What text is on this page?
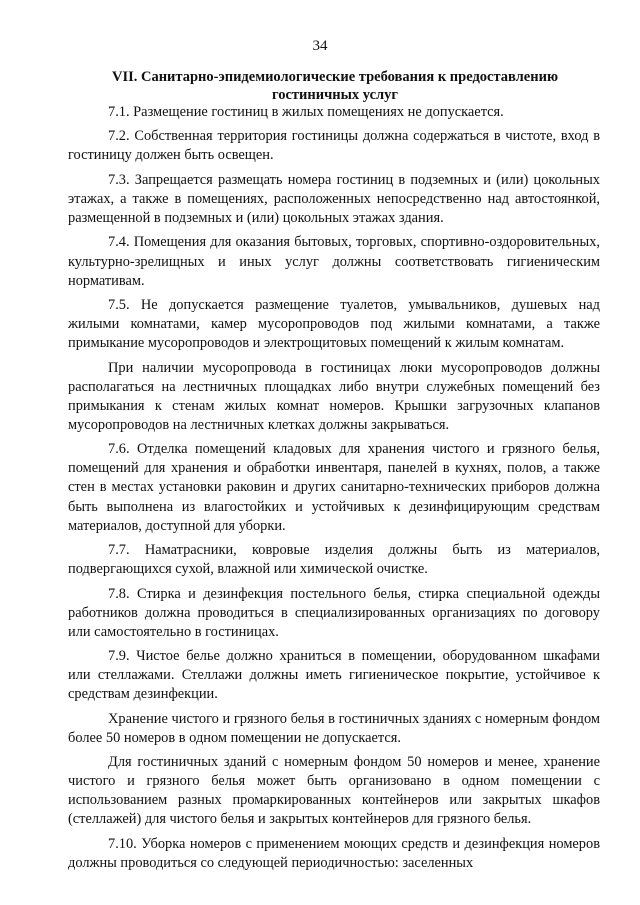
34
VII. Санитарно-эпидемиологические требования к предоставлению гостиничных услуг

7.1. Размещение гостиниц в жилых помещениях не допускается.

7.2. Собственная территория гостиницы должна содержаться в чистоте, вход в гостиницу должен быть освещен.

7.3. Запрещается размещать номера гостиниц в подземных и (или) цокольных этажах, а также в помещениях, расположенных непосредственно над автостоянкой, размещенной в подземных и (или) цокольных этажах здания.

7.4. Помещения для оказания бытовых, торговых, спортивно-оздоровительных, культурно-зрелищных и иных услуг должны соответствовать гигиеническим нормативам.

7.5. Не допускается размещение туалетов, умывальников, душевых над жилыми комнатами, камер мусоропроводов под жилыми комнатами, а также примыкание мусоропроводов и электрощитовых помещений к жилым комнатам.

При наличии мусоропровода в гостиницах люки мусоропроводов должны располагаться на лестничных площадках либо внутри служебных помещений без примыкания к стенам жилых комнат номеров. Крышки загрузочных клапанов мусоропроводов на лестничных клетках должны закрываться.

7.6. Отделка помещений кладовых для хранения чистого и грязного белья, помещений для хранения и обработки инвентаря, панелей в кухнях, полов, а также стен в местах установки раковин и других санитарно-технических приборов должна быть выполнена из влагостойких и устойчивых к дезинфицирующим средствам материалов, доступной для уборки.

7.7. Наматрасники, ковровые изделия должны быть из материалов, подвергающихся сухой, влажной или химической очистке.

7.8. Стирка и дезинфекция постельного белья, стирка специальной одежды работников должна проводиться в специализированных организациях по договору или самостоятельно в гостиницах.

7.9. Чистое белье должно храниться в помещении, оборудованном шкафами или стеллажами. Стеллажи должны иметь гигиеническое покрытие, устойчивое к средствам дезинфекции.

Хранение чистого и грязного белья в гостиничных зданиях с номерным фондом более 50 номеров в одном помещении не допускается.

Для гостиничных зданий с номерным фондом 50 номеров и менее, хранение чистого и грязного белья может быть организовано в одном помещении с использованием разных промаркированных контейнеров или закрытых шкафов (стеллажей) для чистого белья и закрытых контейнеров для грязного белья.

7.10. Уборка номеров с применением моющих средств и дезинфекция номеров должны проводиться со следующей периодичностью: заселенных
